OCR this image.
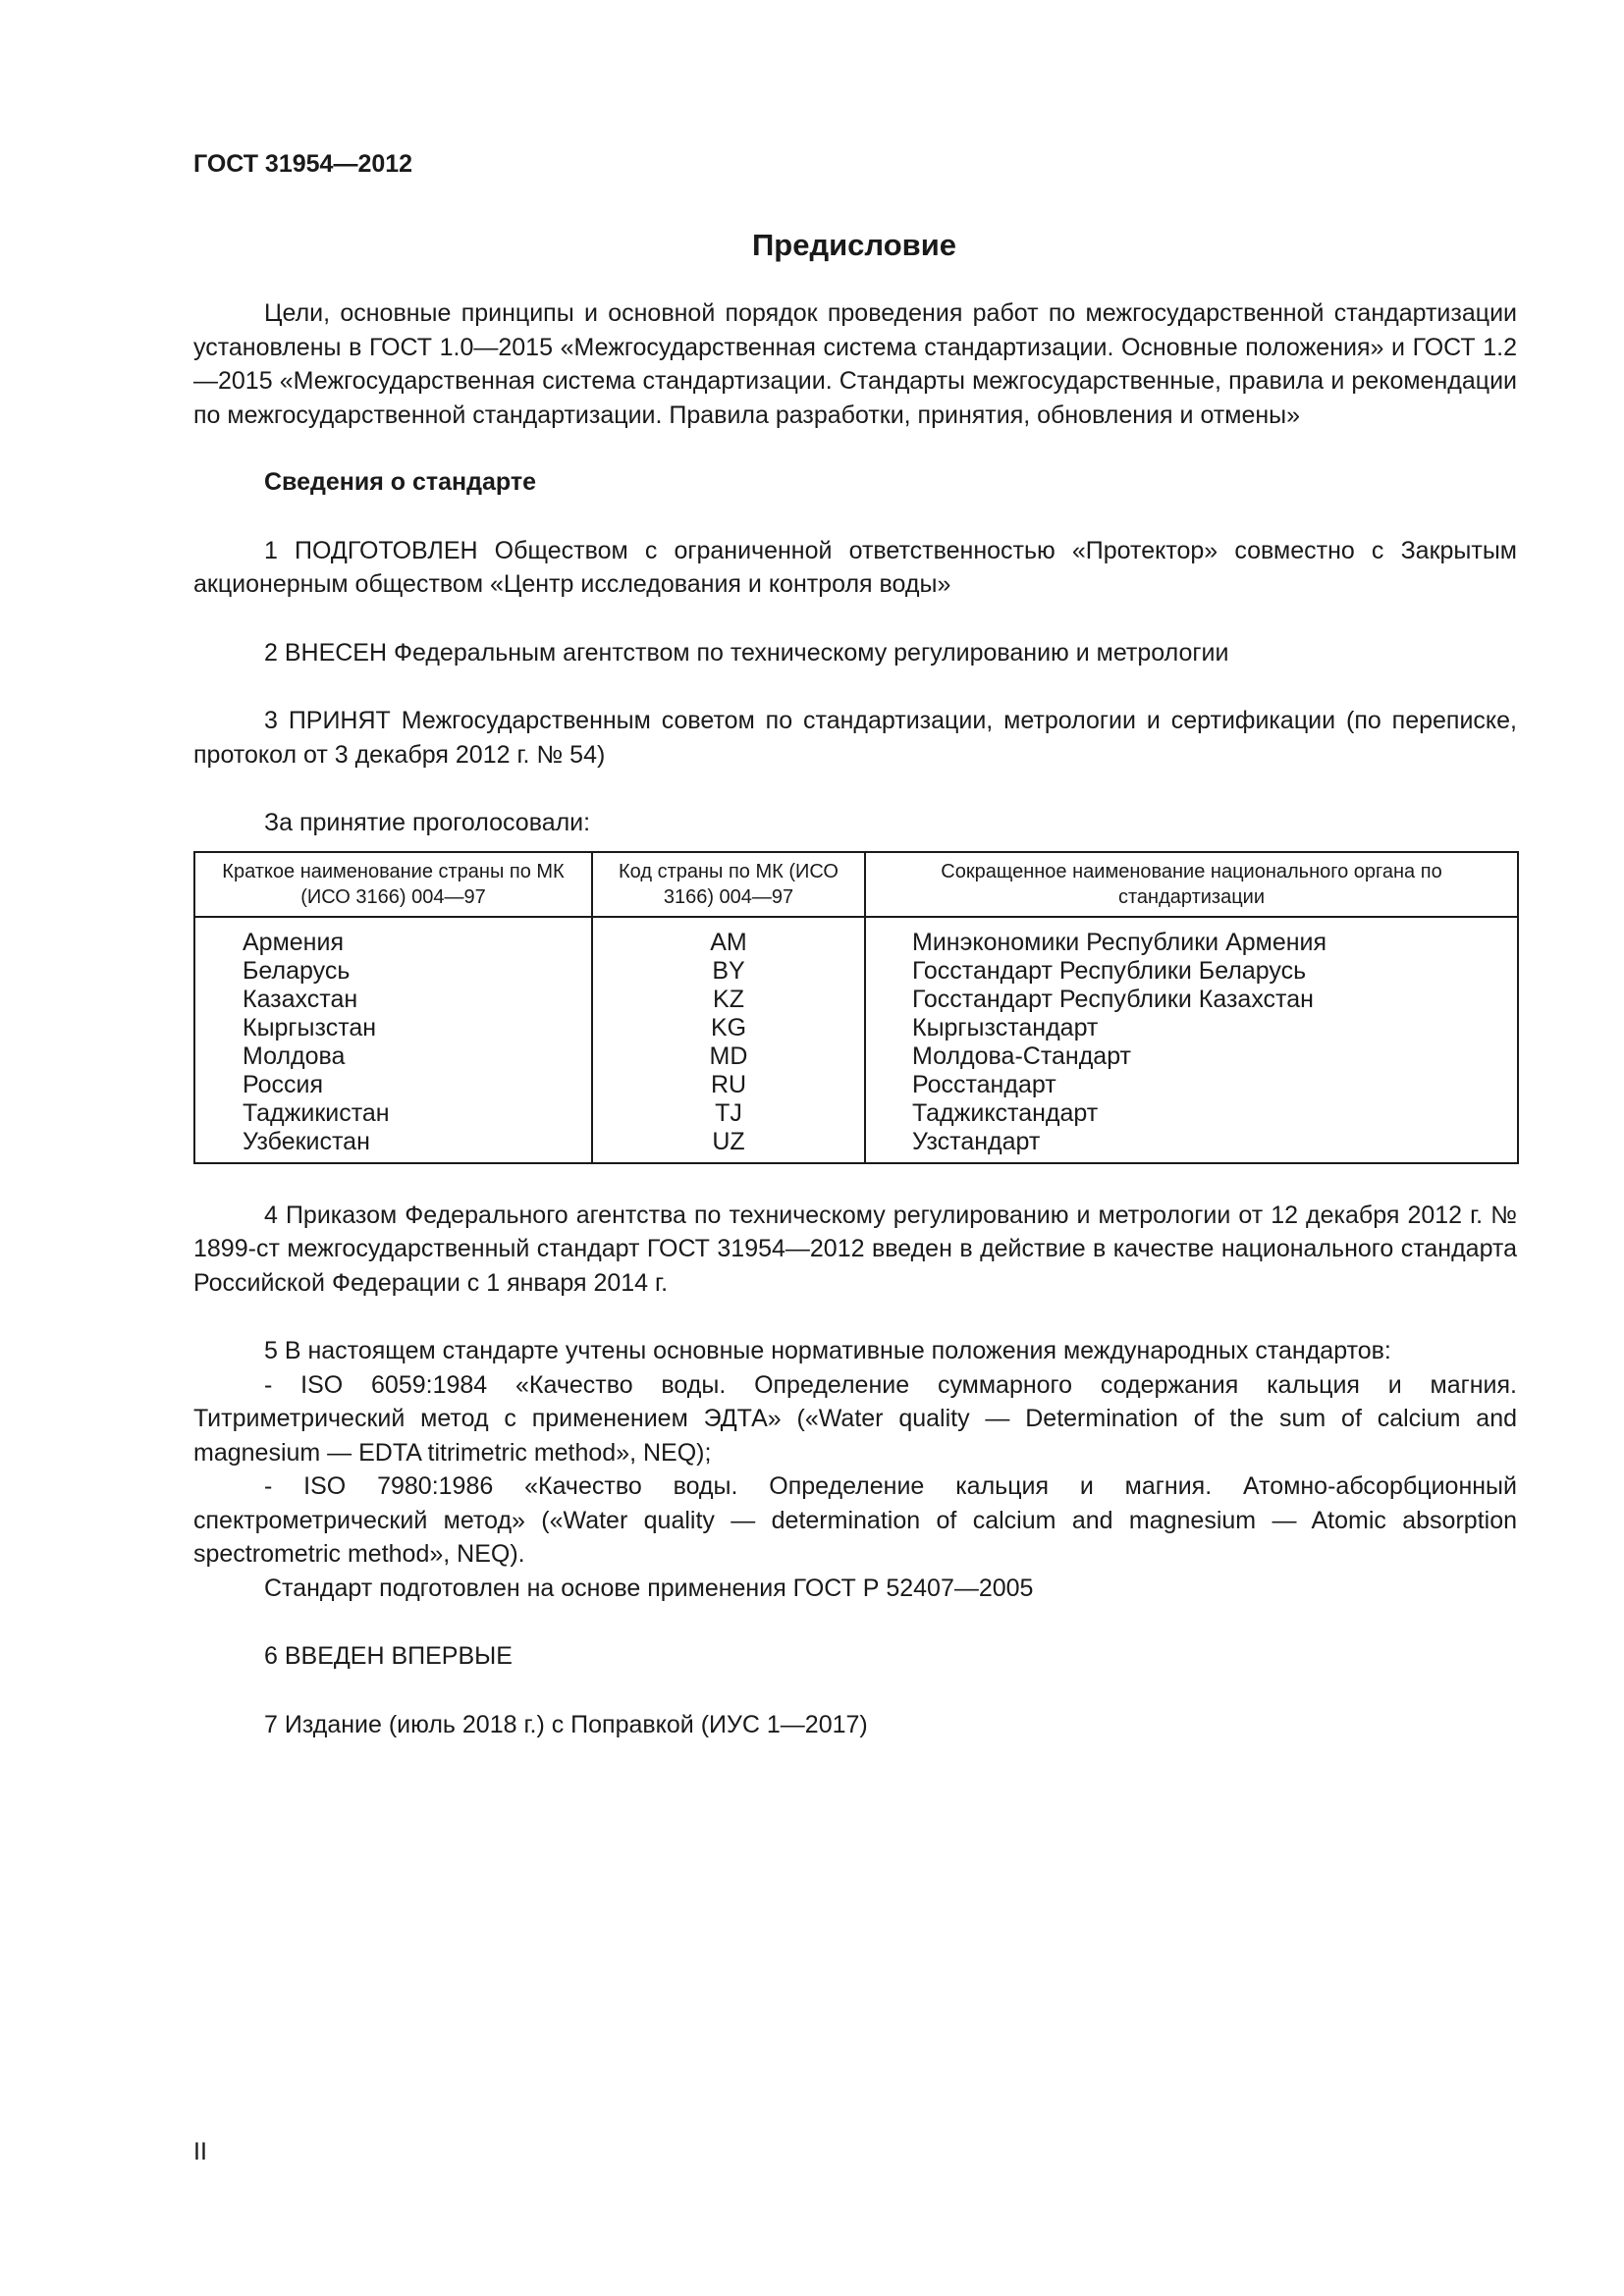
ГОСТ 31954—2012
Предисловие

Цели, основные принципы и основной порядок проведения работ по межгосударственной стандартизации установлены в ГОСТ 1.0—2015 «Межгосударственная система стандартизации. Основные положения» и ГОСТ 1.2—2015 «Межгосударственная система стандартизации. Стандарты межгосударственные, правила и рекомендации по межгосударственной стандартизации. Правила разработки, принятия, обновления и отмены»

Сведения о стандарте

1 ПОДГОТОВЛЕН Обществом с ограниченной ответственностью «Протектор» совместно с Закрытым акционерным обществом «Центр исследования и контроля воды»

2 ВНЕСЕН Федеральным агентством по техническому регулированию и метрологии

3 ПРИНЯТ Межгосударственным советом по стандартизации, метрологии и сертификации (по переписке, протокол от 3 декабря 2012 г. № 54)

За принятие проголосовали:

Краткое наименование страны по МК (ИСО 3166) 004—97	Код страны по МК (ИСО 3166) 004—97	Сокращенное наименование национального органа по стандартизации
Армения	AM	Минэкономики Республики Армения
Беларусь	BY	Госстандарт Республики Беларусь
Казахстан	KZ	Госстандарт Республики Казахстан
Кыргызстан	KG	Кыргызстандарт
Молдова	MD	Молдова-Стандарт
Россия	RU	Росстандарт
Таджикистан	TJ	Таджикстандарт
Узбекистан	UZ	Узстандарт

4 Приказом Федерального агентства по техническому регулированию и метрологии от 12 декабря 2012 г. № 1899-ст межгосударственный стандарт ГОСТ 31954—2012 введен в действие в качестве национального стандарта Российской Федерации с 1 января 2014 г.

5 В настоящем стандарте учтены основные нормативные положения международных стандартов:

- ISO 6059:1984 «Качество воды. Определение суммарного содержания кальция и магния. Титриметрический метод с применением ЭДТА» («Water quality — Determination of the sum of calcium and magnesium — EDTA titrimetric method», NEQ);

- ISO 7980:1986 «Качество воды. Определение кальция и магния. Атомно-абсорбционный спектрометрический метод» («Water quality — determination of calcium and magnesium — Atomic absorption spectrometric method», NEQ).

Стандарт подготовлен на основе применения ГОСТ Р 52407—2005

6 ВВЕДЕН ВПЕРВЫЕ

7 Издание (июль 2018 г.) с Поправкой (ИУС 1—2017)

II
